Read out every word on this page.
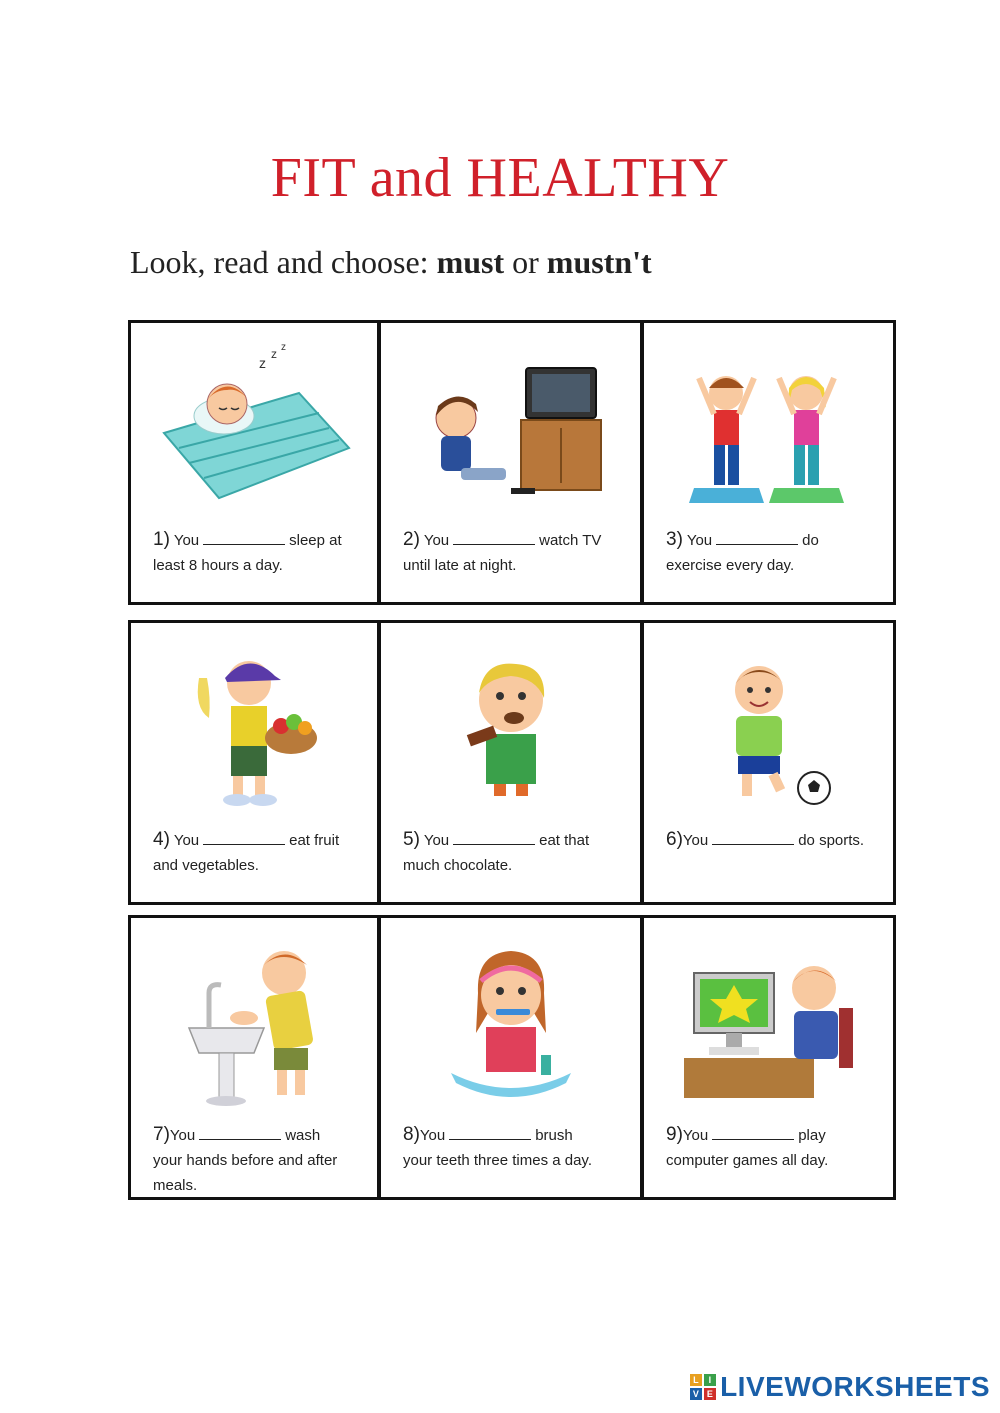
FIT and HEALTHY
Look, read and choose: must or mustn't
z
z z
1) You	sleep at
least 8 hours a day.
2) You	watch TV
until late at night.
3) You	do
exercise every day.
4) You	eat fruit
and vegetables.
5) You	eat that
much chocolate.
6)You	do sports.
7)You	wash
your hands before and after
meals.
8)You	brush
your teeth three times a day.
9)You	play
computer games all day.
L	I
V E LIVEWORKSHEETS
